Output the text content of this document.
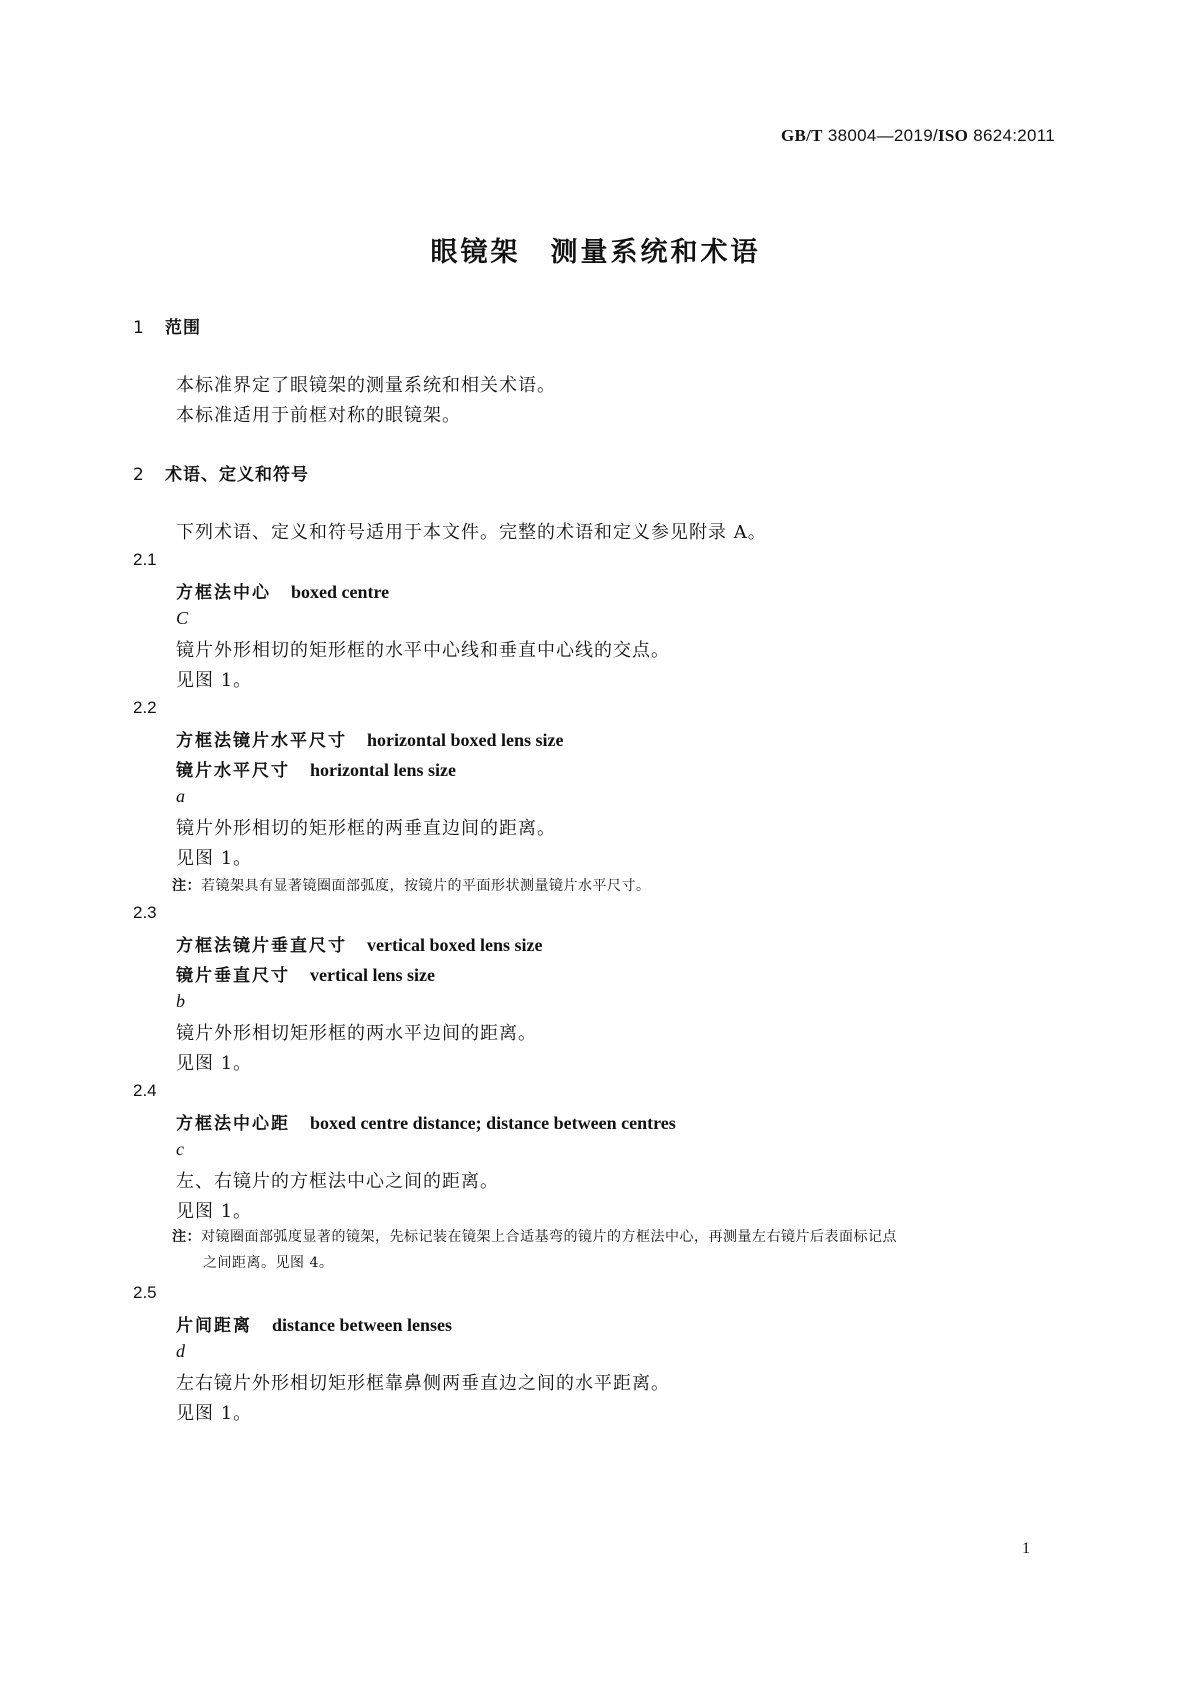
GB/T 38004—2019/ISO 8624:2011
眼镜架　测量系统和术语
1 范围
本标准界定了眼镜架的测量系统和相关术语。
本标准适用于前框对称的眼镜架。
2 术语、定义和符号
下列术语、定义和符号适用于本文件。完整的术语和定义参见附录 A。
2.1
方框法中心 boxed centre
C
镜片外形相切的矩形框的水平中心线和垂直中心线的交点。
见图 1。
2.2
方框法镜片水平尺寸 horizontal boxed lens size
镜片水平尺寸 horizontal lens size
a
镜片外形相切的矩形框的两垂直边间的距离。
见图 1。
注：若镜架具有显著镜圈面部弧度，按镜片的平面形状测量镜片水平尺寸。
2.3
方框法镜片垂直尺寸 vertical boxed lens size
镜片垂直尺寸 vertical lens size
b
镜片外形相切矩形框的两水平边间的距离。
见图 1。
2.4
方框法中心距 boxed centre distance; distance between centres
c
左、右镜片的方框法中心之间的距离。
见图 1。
注：对镜圈面部弧度显著的镜架，先标记装在镜架上合适基弯的镜片的方框法中心，再测量左右镜片后表面标记点
之间距离。见图 4。
2.5
片间距离 distance between lenses
d
左右镜片外形相切矩形框靠鼻侧两垂直边之间的水平距离。
见图 1。
1
